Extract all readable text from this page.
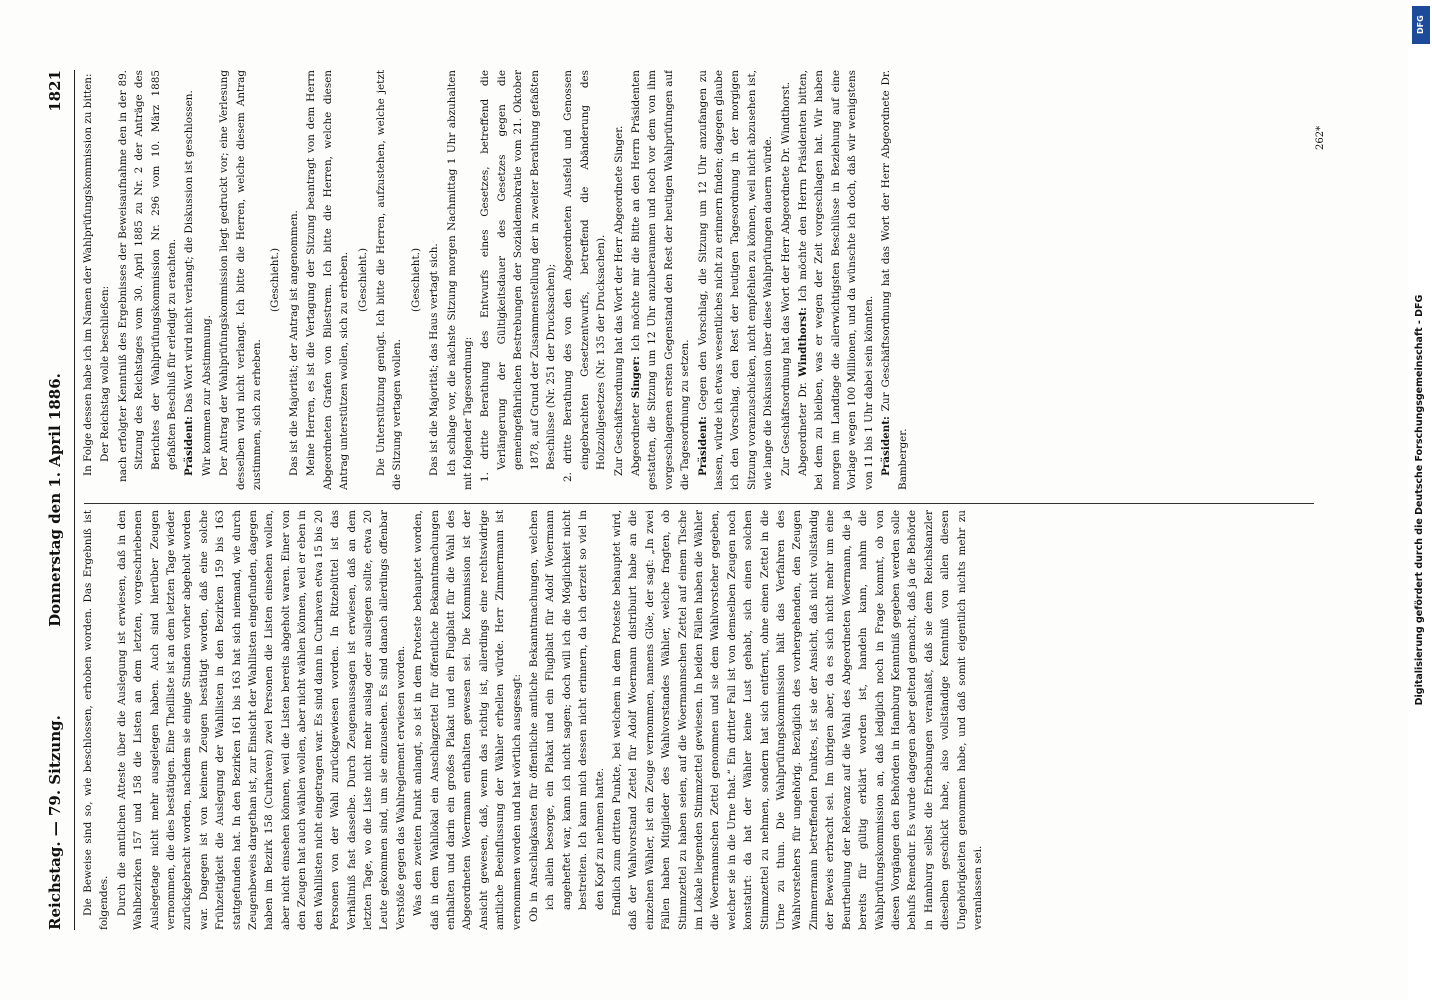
Reichstag. — 79. Sitzung.
Donnerstag den 1. April 1886.
1821

Die Beweise sind so, wie beschlossen, erhoben worden. Das Ergebniß ist folgendes. Durch die amtlichen Atteste über die Auslegung ist erwiesen, daß in den Wahlbezirken 157 und 158 die Listen an dem letzten, vorgeschriebenen Auslegetage nicht mehr ausgelegen haben. Auch sind hierüber Zeugen vernommen, die dies bestätigen. Eine Theilliste ist an dem letzten Tage wieder zurückgebracht worden, nachdem sie einige Stunden vorher abgeholt worden war. Dagegen ist von keinem Zeugen bestätigt worden, daß eine solche Frühzeitigkeit die Auslegung der Wahllisten in den Bezirken 159 bis 163 stattgefunden hat. In den Bezirken 161 bis 163 hat sich niemand, wie durch Zeugenbeweis dargethan ist, zur Einsicht der Wahllisten eingefunden, dagegen haben im Bezirk 158 (Curhaven) zwei Personen die Listen einsehen wollen, aber nicht einsehen können, weil die Listen bereits abgeholt waren. Einer von den Zeugen hat auch wählen wollen, aber nicht wählen können, weil er eben in den Wahllisten nicht eingetragen war. Es sind dann in Curhaven etwa 15 bis 20 Personen von der Wahl zurückgewiesen worden. In Ritzebüttel ist das Verhältniß fast dasselbe. Durch Zeugenaussagen ist erwiesen, daß an dem letzten Tage, wo die Liste nicht mehr auslag oder ausliegen sollte, etwa 20 Leute gekommen sind, um sie einzusehen. Es sind danach allerdings offenbar Verstöße gegen das Wahlreglement erwiesen worden. Was den zweiten Punkt anlangt, so ist in dem Proteste behauptet worden, daß in dem Wahllokal ein Anschlagzettel für öffentliche Bekanntmachungen enthalten und darin ein großes Plakat und ein Flugblatt für die Wahl des Abgeordneten Woermann enthalten gewesen sei. Die Kommission ist der Ansicht gewesen, daß, wenn das richtig ist, allerdings eine rechtswidrige amtliche Beeinflussung der Wähler erhellen würde. Herr Zimmermann ist vernommen worden und hat wörtlich ausgesagt: Ob in Anschlagkasten für öffentliche amtliche Bekanntmachungen, welchen ich allein besorge, ein Plakat und ein Flugblatt für Adolf Woermann angeheftet war, kann ich nicht sagen; doch will ich die Möglichkeit nicht bestreiten. Ich kann mich dessen nicht erinnern, da ich derzeit so viel in den Kopf zu nehmen hatte. Endlich zum dritten Punkte, bei welchem in dem Proteste behauptet wird, daß der Wahlvorstand Zettel für Adolf Woermann distribuirt habe an die einzelnen Wähler, ist ein Zeuge vernommen, namens Glöe, der sagt: „In zwei Fällen haben Mitglieder des Wahlvorstandes Wähler, welche fragten, ob Stimmzettel zu haben seien, auf die Woermannschen Zettel auf einem Tische im Lokale liegenden Stimmzettel gewiesen. In beiden Fällen haben die Wähler die Woermannschen Zettel genommen und sie dem Wahlvorsteher gegeben, welcher sie in die Urne that.“ Ein dritter Fall ist von demselben Zeugen noch konstatirt: da hat der Wähler keine Lust gehabt, sich einen solchen Stimmzettel zu nehmen, sondern hat sich entfernt, ohne einen Zettel in die Urne zu thun. Die Wahlprüfungskommission hält das Verfahren des Wahlvorstehers für ungehörig. Bezüglich des vorhergehenden, den Zeugen Zimmermann betreffenden Punktes, ist sie der Ansicht, daß nicht vollständig der Beweis erbracht sei. Im übrigen aber, da es sich nicht mehr um eine Beurtheilung der Relevanz auf die Wahl des Abgeordneten Woermann, die ja bereits für gültig erklärt worden ist, handeln kann, nahm die Wahlprüfungskommission an, daß lediglich noch in Frage kommt, ob von diesen Vorgängen den Behörden in Hamburg Kenntniß gegeben werden solle behufs Remedur. Es wurde dagegen aber geltend gemacht, daß ja die Behörde in Hamburg selbst die Erhebungen veranlaßt, daß sie dem Reichskanzler dieselben geschickt habe, also vollständige Kenntniß von allen diesen Ungehörigkeiten genommen habe, und daß somit eigentlich nichts mehr zu veranlassen sei.

In Folge dessen habe ich im Namen der Wahlprüfungskommission zu bitten: Der Reichstag wolle beschließen: nach erfolgter Kenntniß des Ergebnisses der Beweisaufnahme den in der 89. Sitzung des Reichstages vom 30. April 1885 zu Nr. 2 der Anträge des Berichtes der Wahlprüfungskommission Nr. 296 vom 10. März 1885 gefaßten Beschluß für erledigt zu erachten. Präsident: Das Wort wird nicht verlangt; die Diskussion ist geschlossen. Wir kommen zur Abstimmung. Der Antrag der Wahlprüfungskommission liegt gedruckt vor; eine Verlesung desselben wird nicht verlangt. Ich bitte die Herren, welche diesem Antrag zustimmen, sich zu erheben.

(Geschieht.) Das ist die Majorität; der Antrag ist angenommen. Meine Herren, es ist die Vertagung der Sitzung beantragt von dem Herrn Abgeordneten Grafen von Bilestrem. Ich bitte die Herren, welche diesen Antrag unterstützen wollen, sich zu erheben. (Geschieht.) Die Unterstützung genügt. Ich bitte die Herren, aufzustehen, welche jetzt die Sitzung vertagen wollen.

(Geschieht.) Das ist die Majorität; das Haus vertagt sich. Ich schlage vor, die nächste Sitzung morgen Nachmittag 1 Uhr abzuhalten mit folgender Tagesordnung: 1. dritte Berathung des Entwurfs eines Gesetzes, betreffend die Verlängerung der Gültigkeitsdauer des Gesetzes gegen die gemeingefährlichen Bestrebungen der Sozialdemokratie vom 21. Oktober 1878, auf Grund der Zusammenstellung der in zweiter Berathung gefaßten Beschlüsse (Nr. 251 der Drucksachen); 2. dritte Berathung des von den Abgeordneten Ausfeld und Genossen eingebrachten Gesetzentwurfs, betreffend die Abänderung des Holzzollgesetzes (Nr. 135 der Drucksachen). Zur Geschäftsordnung hat das Wort der Herr Abgeordnete Singer. Abgeordneter Singer: Ich möchte mir die Bitte an den Herrn Präsidenten gestatten, die Sitzung um 12 Uhr anzuberaumen und noch vor dem von ihm vorgeschlagenen ersten Gegenstand den Rest der heutigen Wahlprüfungen auf die Tagesordnung zu setzen. Präsident: Gegen den Vorschlag, die Sitzung um 12 Uhr anzufangen zu lassen, würde ich etwas wesentliches nicht zu erinnern finden; dagegen glaube ich den Vorschlag, den Rest der heutigen Tagesordnung in der morgigen Sitzung voranzuschicken, nicht empfehlen zu können, weil nicht abzusehen ist, wie lange die Diskussion über diese Wahlprüfungen dauern würde. Zur Geschäftsordnung hat das Wort der Herr Abgeordnete Dr. Windthorst. Abgeordneter Dr. Windthorst: Ich möchte den Herrn Präsidenten bitten, bei dem zu bleiben, was er wegen der Zeit vorgeschlagen hat. Wir haben morgen im Landtage die allerwichtigsten Beschlüsse in Beziehung auf eine Vorlage wegen 100 Millionen, und da wünschte ich doch, daß wir wenigstens von 11 bis 1 Uhr dabei sein könnten. Präsident: Zur Geschäftsordnung hat das Wort der Herr Abgeordnete Dr. Bamberger.

262*
Digitalisierung gefördert durch die Deutsche Forschungsgemeinschaft - DFG
DFG
